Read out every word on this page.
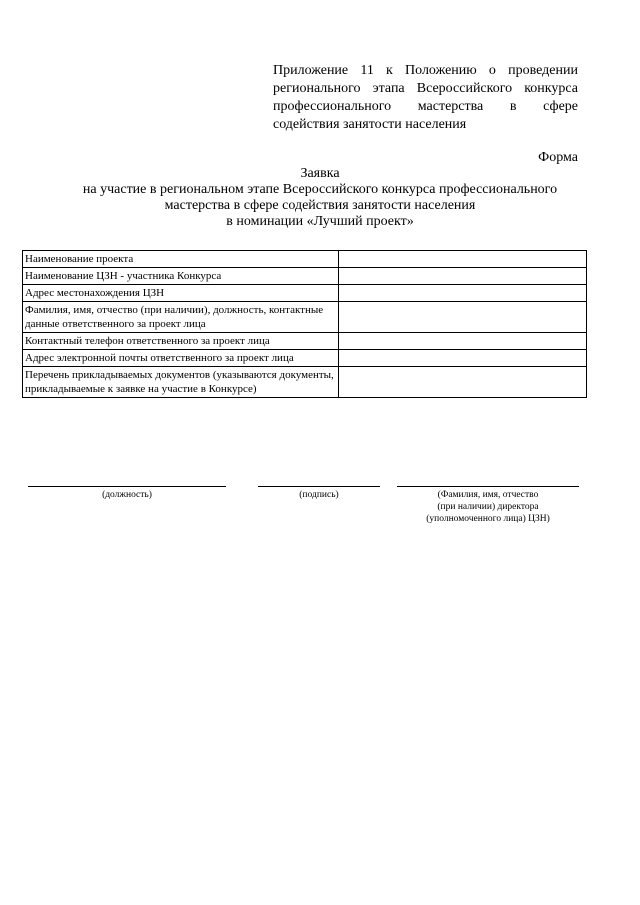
Приложение 11 к Положению о проведении
регионального этапа Всероссийского конкурса
профессионального мастерства в сфере
содействия занятости населения
Форма
Заявка
на участие в региональном этапе Всероссийского конкурса профессионального
мастерства в сфере содействия занятости населения
в номинации «Лучший проект»
Наименование проекта	
Наименование ЦЗН - участника Конкурса	
Адрес местонахождения ЦЗН	
Фамилия, имя, отчество (при наличии), должность, контактные данные ответственного за проект лица	
Контактный телефон ответственного за проект лица	
Адрес электронной почты ответственного за проект лица	
Перечень прикладываемых документов (указываются документы, прикладываемые к заявке на участие в Конкурсе)	
(должность)	(подпись)	(Фамилия, имя, отчество
(при наличии) директора
(уполномоченного лица) ЦЗН)
